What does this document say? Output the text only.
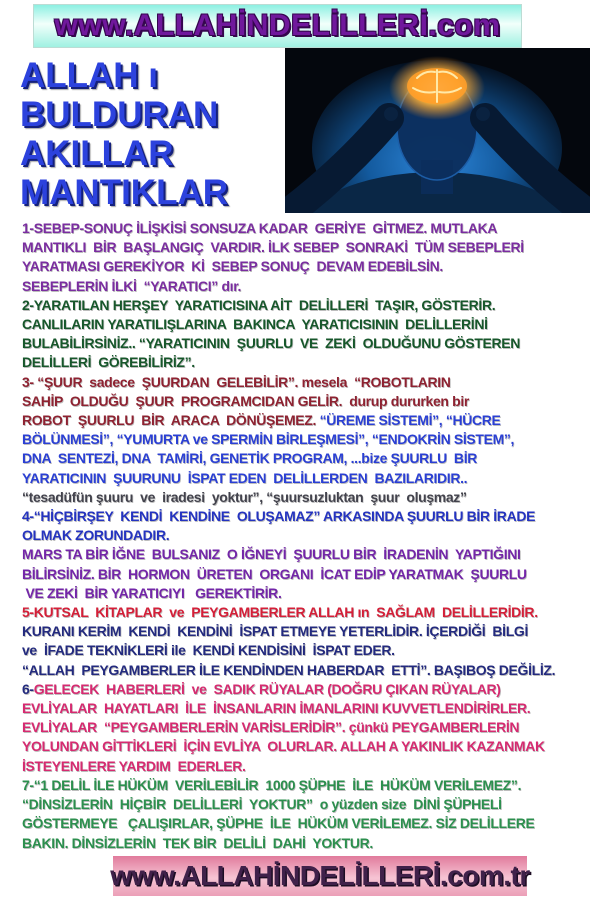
www.ALLAHİNDELİLLERİ.com
ALLAH ı
BULDURAN
AKILLAR
MANTIKLAR
1-SEBEP-SONUÇ İLİŞKİSİ SONSUZA KADAR  GERİYE  GİTMEZ. MUTLAKA
MANTIKLI  BİR  BAŞLANGIÇ  VARDIR. İLK SEBEP  SONRAKİ  TÜM SEBEPLERİ
YARATMASI GEREKİYOR  Kİ  SEBEP SONUÇ  DEVAM EDEBİLSİN.
SEBEPLERİN İLKİ  “YARATICI” dır.
2-YARATILAN HERŞEY  YARATICISINA AİT  DELİLLERİ  TAŞIR, GÖSTERİR.
CANLILARIN YARATILIŞLARINA  BAKINCA  YARATICISININ  DELİLLERİNİ
BULABİLİRSİNİZ.. “YARATICININ  ŞUURLU  VE  ZEKİ  OLDUĞUNU GÖSTEREN
DELİLLERİ  GÖREBİLİRİZ”.
3- “ŞUUR  sadece  ŞUURDAN  GELEBİLİR”. mesela  “ROBOTLARIN
SAHİP  OLDUĞU  ŞUUR  PROGRAMCIDAN GELİR.  durup dururken bir
ROBOT  ŞUURLU  BİR  ARACA  DÖNÜŞEMEZ. “ÜREME SİSTEMİ”, “HÜCRE
BÖLÜNMESİ”, “YUMURTA ve SPERMİN BİRLEŞMESİ”, “ENDOKRİN SİSTEM”,
DNA  SENTEZİ, DNA  TAMİRİ, GENETİK PROGRAM, ...bize ŞUURLU  BİR
YARATICININ  ŞUURUNU  İSPAT EDEN  DELİLLERDEN  BAZILARIDIR..
“tesadüfün şuuru  ve  iradesi  yoktur”, “şuursuzluktan  şuur  oluşmaz”
4-“HİÇBİRŞEY  KENDİ  KENDİNE  OLUŞAMAZ” ARKASINDA ŞUURLU BİR İRADE
OLMAK ZORUNDADIR.
MARS TA BİR İĞNE  BULSANIZ  O İĞNEYİ  ŞUURLU BİR  İRADENİN  YAPTIĞINI
BİLİRSİNİZ. BİR  HORMON  ÜRETEN  ORGANI  İCAT EDİP YARATMAK  ŞUURLU
VE ZEKİ  BİR YARATICIYI   GEREKTİRİR.
5-KUTSAL  KİTAPLAR  ve  PEYGAMBERLER ALLAH ın  SAĞLAM  DELİLLERİDİR.
KURANI KERİM  KENDİ  KENDİNİ  İSPAT ETMEYE YETERLİDİR. İÇERDİĞİ  BİLGİ
ve  İFADE TEKNİKLERİ ile  KENDİ KENDİSİNİ  İSPAT EDER.
“ALLAH  PEYGAMBERLER İLE KENDİNDEN HABERDAR  ETTİ”. BAŞIBOŞ DEĞİLİZ.
6-GELECEK  HABERLERİ  ve  SADIK RÜYALAR (DOĞRU ÇIKAN RÜYALAR)
EVLİYALAR  HAYATLARI  İLE  İNSANLARIN İMANLARINI KUVVETLENDİRİRLER.
EVLİYALAR  “PEYGAMBERLERİN VARİSLERİDİR”. çünkü PEYGAMBERLERİN
YOLUNDAN GİTTİKLERİ  İÇİN EVLİYA  OLURLAR. ALLAH A YAKINLIK KAZANMAK
İSTEYENLERE YARDIM  EDERLER.
7-“1 DELİL İLE HÜKÜM  VERİLEBİLİR  1000 ŞÜPHE  İLE  HÜKÜM VERİLEMEZ”.
“DİNSİZLERİN  HİÇBİR  DELİLLERİ  YOKTUR”  o yüzden size  DİNİ ŞÜPHELİ
GÖSTERMEYE   ÇALIŞIRLAR, ŞÜPHE  İLE  HÜKÜM VERİLEMEZ. SİZ DELİLLERE
BAKIN. DİNSİZLERİN  TEK BİR  DELİLİ  DAHİ  YOKTUR.
www.ALLAHİNDELİLLERİ.com.tr
